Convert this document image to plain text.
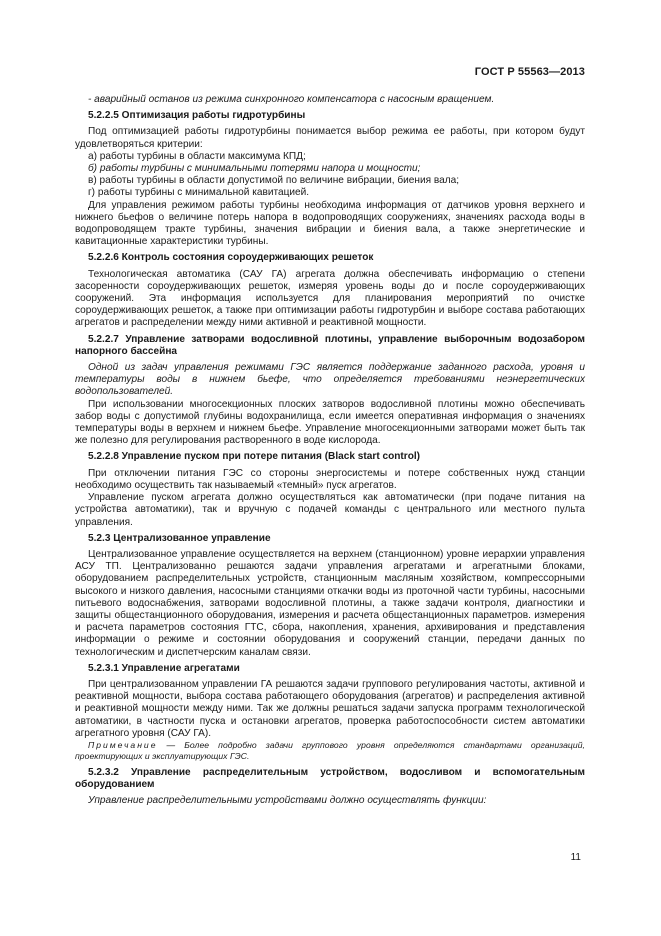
ГОСТ Р 55563—2013

- аварийный останов из режима синхронного компенсатора с насосным вращением.

5.2.2.5 Оптимизация работы гидротурбины

Под оптимизацией работы гидротурбины понимается выбор режима ее работы, при котором будут удовлетворяться критерии:

а) работы турбины в области максимума КПД;

б) работы турбины с минимальными потерями напора и мощности;

в) работы турбины в области допустимой по величине вибрации, биения вала;

г) работы турбины с минимальной кавитацией.

Для управления режимом работы турбины необходима информация от датчиков уровня верхнего и нижнего бьефов о величине потерь напора в водопроводящих сооружениях, значениях расхода воды в водопроводящем тракте турбины, значения вибрации и биения вала, а также энергетические и кавитационные характеристики турбины.

5.2.2.6 Контроль состояния сороудерживающих решеток

Технологическая автоматика (САУ ГА) агрегата должна обеспечивать информацию о степени засоренности сороудерживающих решеток, измеряя уровень воды до и после сороудерживающих сооружений. Эта информация используется для планирования мероприятий по очистке сороудерживающих решеток, а также при оптимизации работы гидротурбин и выборе состава работающих агрегатов и распределении между ними активной и реактивной мощности.

5.2.2.7 Управление затворами водосливной плотины, управление выборочным водозабором напорного бассейна

Одной из задач управления режимами ГЭС является поддержание заданного расхода, уровня и температуры воды в нижнем бьефе, что определяется требованиями неэнергетических водопользователей.

При использовании многосекционных плоских затворов водосливной плотины можно обеспечивать забор воды с допустимой глубины водохранилища, если имеется оперативная информация о значениях температуры воды в верхнем и нижнем бьефе. Управление многосекционными затворами может быть так же полезно для регулирования растворенного в воде кислорода.

5.2.2.8 Управление пуском при потере питания (Black start control)

При отключении питания ГЭС со стороны энергосистемы и потере собственных нужд станции необходимо осуществить так называемый «темный» пуск агрегатов.

Управление пуском агрегата должно осуществляться как автоматически (при подаче питания на устройства автоматики), так и вручную с подачей команды с центрального или местного пульта управления.

5.2.3 Централизованное управление

Централизованное управление осуществляется на верхнем (станционном) уровне иерархии управления АСУ ТП. Централизованно решаются задачи управления агрегатами и агрегатными блоками, оборудованием распределительных устройств, станционным масляным хозяйством, компрессорными высокого и низкого давления, насосными станциями откачки воды из проточной части турбины, насосными питьевого водоснабжения, затворами водосливной плотины, а также задачи контроля, диагностики и защиты общестанционного оборудования, измерения и расчета общестанционных параметров. измерения и расчета параметров состояния ГТС, сбора, накопления, хранения, архивирования и представления информации о режиме и состоянии оборудования и сооружений станции, передачи данных по технологическим и диспетчерским каналам связи.

5.2.3.1 Управление агрегатами

При централизованном управлении ГА решаются задачи группового регулирования частоты, активной и реактивной мощности, выбора состава работающего оборудования (агрегатов) и распределения активной и реактивной мощности между ними. Так же должны решаться задачи запуска программ технологической автоматики, в частности пуска и остановки агрегатов, проверка работоспособности систем автоматики агрегатного уровня (САУ ГА).

Примечание — Более подробно задачи группового уровня определяются стандартами организаций, проектирующих и эксплуатирующих ГЭС.

5.2.3.2 Управление распределительным устройством, водосливом и вспомогательным оборудованием

Управление распределительными устройствами должно осуществлять функции:

11
